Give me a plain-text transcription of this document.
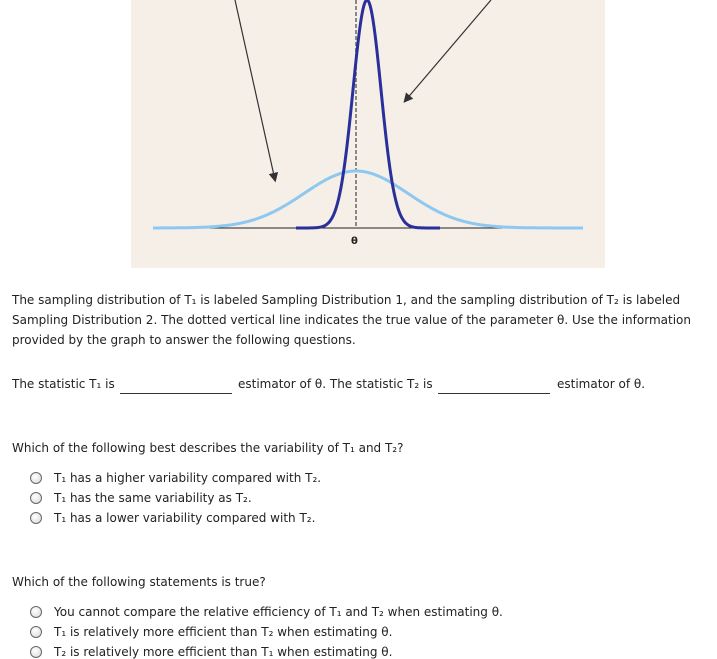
θ
The sampling distribution of T₁ is labeled Sampling Distribution 1, and the sampling distribution of T₂ is labeled Sampling Distribution 2. The dotted vertical line indicates the true value of the parameter θ. Use the information provided by the graph to answer the following questions.
The statistic T₁ is	estimator of θ. The statistic T₂ is	estimator of θ.
Which of the following best describes the variability of T₁ and T₂?
T₁ has a higher variability compared with T₂.
T₁ has the same variability as T₂.
T₁ has a lower variability compared with T₂.
Which of the following statements is true?
You cannot compare the relative efficiency of T₁ and T₂ when estimating θ.
T₁ is relatively more efficient than T₂ when estimating θ.
T₂ is relatively more efficient than T₁ when estimating θ.
